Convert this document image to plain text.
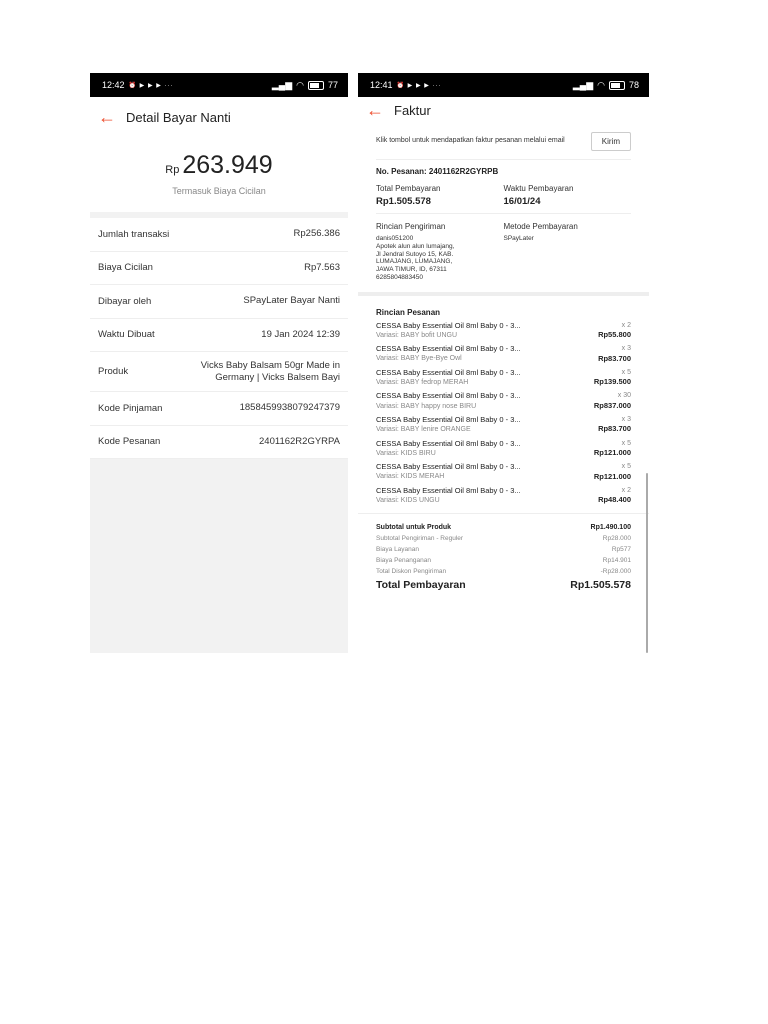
12:42 ⏰ ▶ ▶ ▶ ···	▂▄▆ ◠	77
← Detail Bayar Nanti
Rp 263.949
Termasuk Biaya Cicilan
Jumlah transaksi	Rp256.386
Biaya Cicilan	Rp7.563
Dibayar oleh	SPayLater Bayar Nanti
Waktu Dibuat	19 Jan 2024 12:39
Produk
Vicks Baby Balsam 50gr Made in Germany | Vicks Balsem Bayi
Kode Pinjaman	1858459938079247379
Kode Pesanan	2401162R2GYRPA
12:41 ⏰ ▶ ▶ ▶ ···	▂▄▆ ◠	78
← Faktur
Klik tombol untuk mendapatkan faktur pesanan melalui email	Kirim
No. Pesanan: 2401162R2GYRPB
Total Pembayaran
Rp1.505.578
Waktu Pembayaran
16/01/24
Rincian Pengiriman
danis051200
Apotek alun alun lumajang,
Jl Jendral Sutoyo 15, KAB.
LUMAJANG, LUMAJANG,
JAWA TIMUR, ID, 67311
6285804883450
Metode Pembayaran
SPayLater
Rincian Pesanan
CESSA Baby Essential Oil 8ml Baby 0 - 3...
Variasi: BABY bofit UNGU
x 2
Rp55.800
CESSA Baby Essential Oil 8ml Baby 0 - 3...
Variasi: BABY Bye-Bye Owl
x 3
Rp83.700
CESSA Baby Essential Oil 8ml Baby 0 - 3...
Variasi: BABY fedrop MERAH
x 5
Rp139.500
CESSA Baby Essential Oil 8ml Baby 0 - 3...
Variasi: BABY happy nose BIRU
x 30
Rp837.000
CESSA Baby Essential Oil 8ml Baby 0 - 3...
Variasi: BABY lenire ORANGE
x 3
Rp83.700
CESSA Baby Essential Oil 8ml Baby 0 - 3...
Variasi: KIDS BIRU
x 5
Rp121.000
CESSA Baby Essential Oil 8ml Baby 0 - 3...
Variasi: KIDS MERAH
x 5
Rp121.000
CESSA Baby Essential Oil 8ml Baby 0 - 3...
Variasi: KIDS UNGU
x 2
Rp48.400
Subtotal untuk Produk	Rp1.490.100
Subtotal Pengiriman - Reguler	Rp28.000
Biaya Layanan	Rp577
Biaya Penanganan	Rp14.901
Total Diskon Pengiriman	-Rp28.000
Total Pembayaran	Rp1.505.578
